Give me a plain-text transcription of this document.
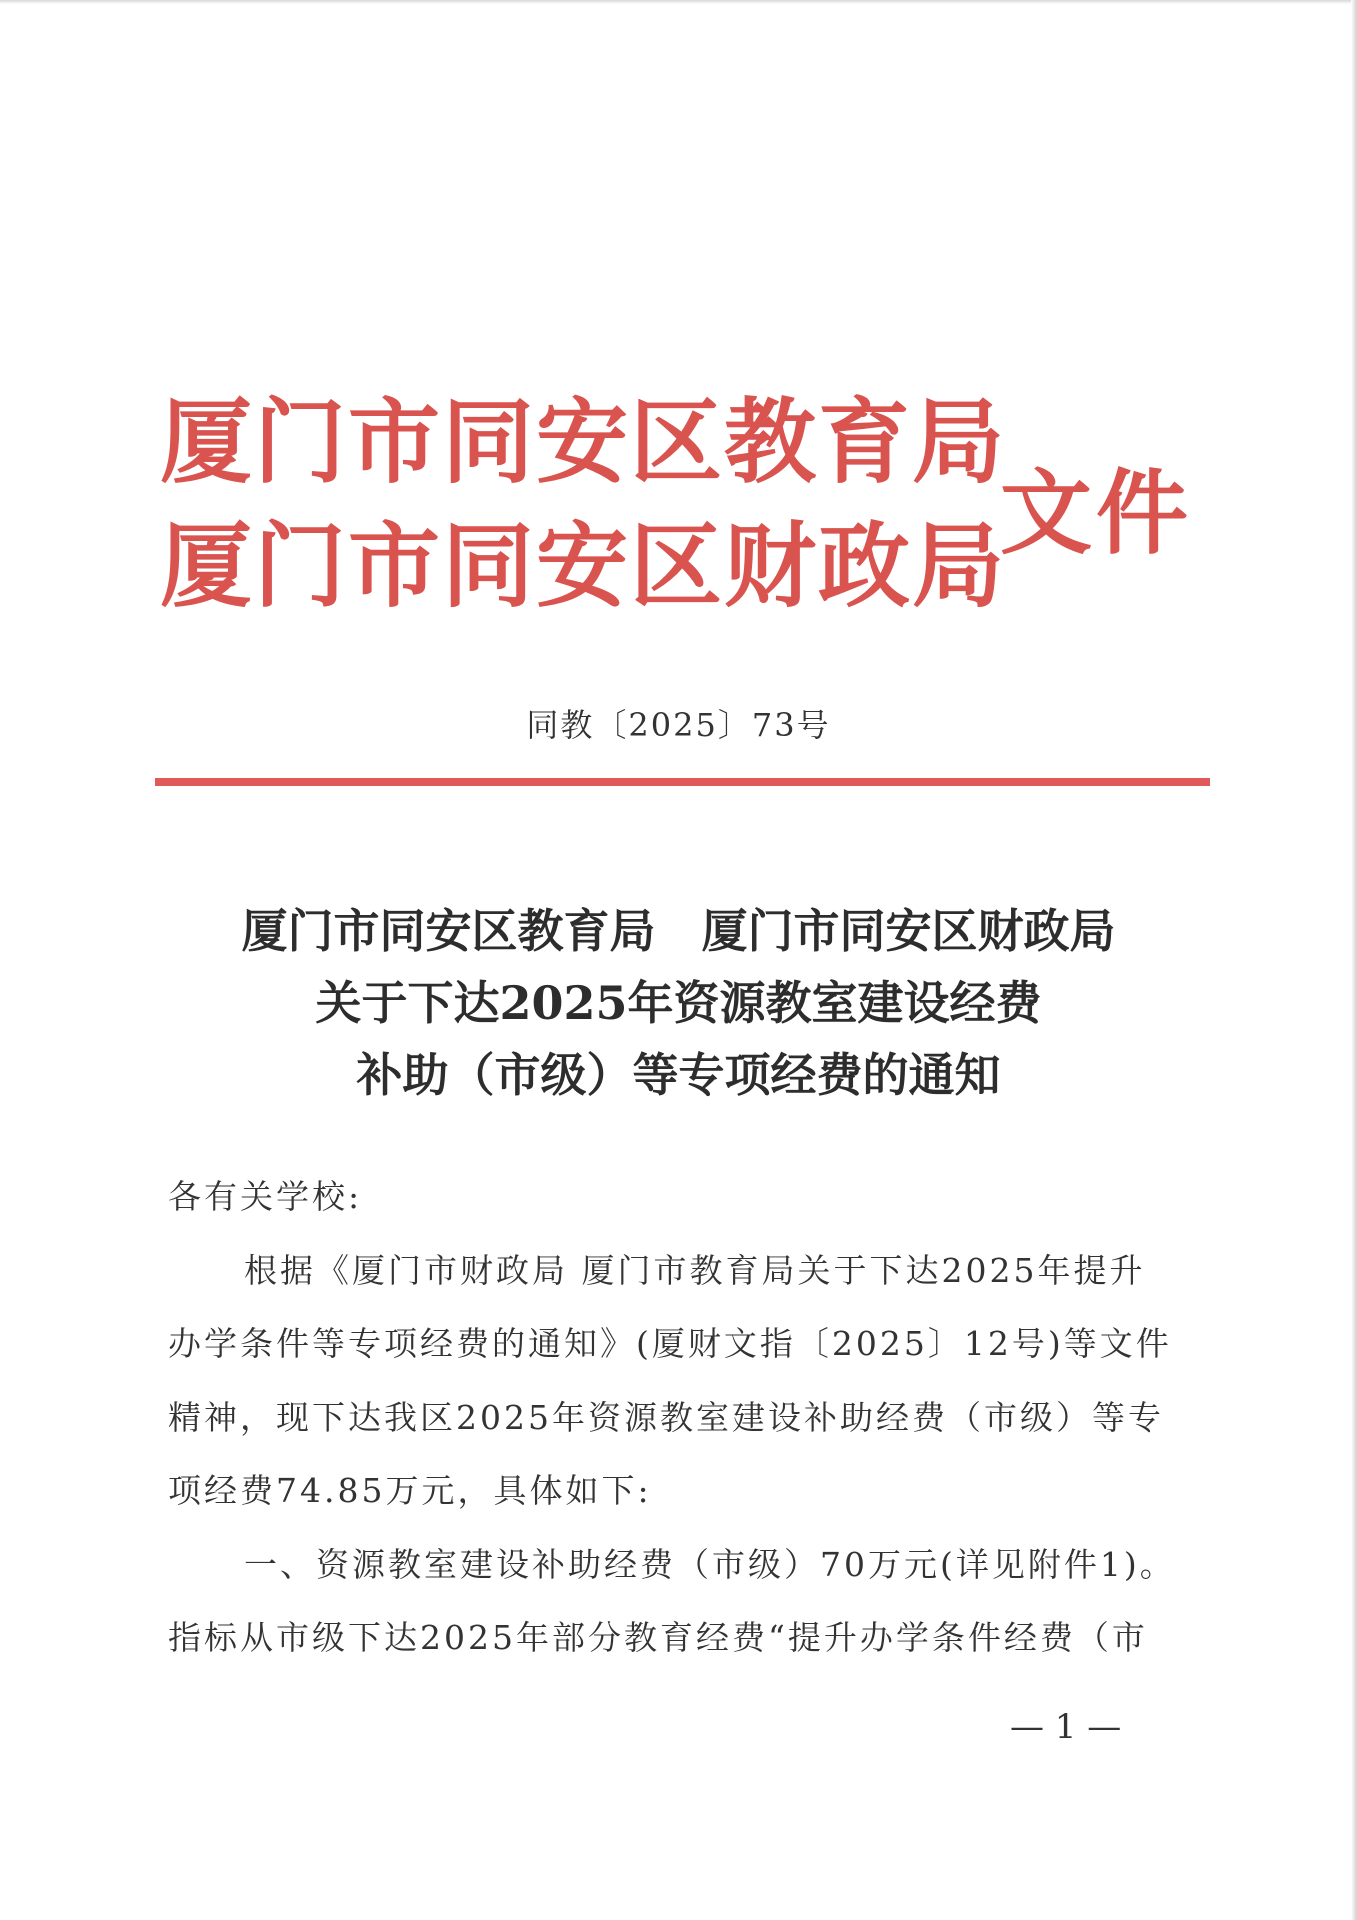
厦门市同安区教育局
厦门市同安区财政局
文件
同教〔2025〕73号
厦门市同安区教育局　厦门市同安区财政局
关于下达2025年资源教室建设经费
补助（市级）等专项经费的通知

各有关学校:

根据《厦门市财政局 厦门市教育局关于下达2025年提升办学条件等专项经费的通知》(厦财文指〔2025〕12号)等文件精神，现下达我区2025年资源教室建设补助经费（市级）等专项经费74.85万元，具体如下:

一、资源教室建设补助经费（市级）70万元(详见附件1)。指标从市级下达2025年部分教育经费“提升办学条件经费（市

— 1 —
